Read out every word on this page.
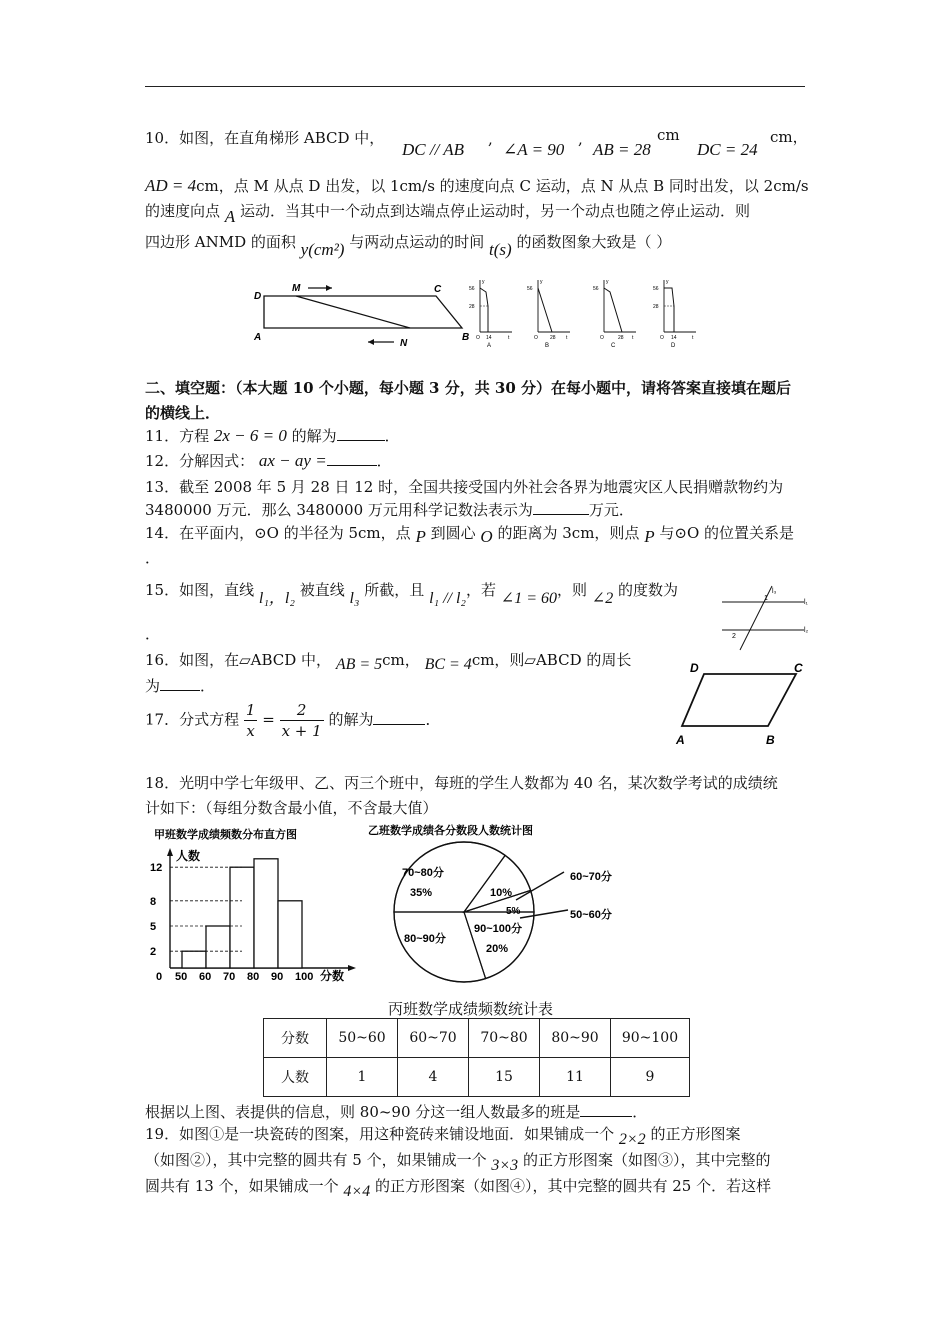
10．如图，在直角梯形 ABCD 中，
DC // AB
,
∠A = 90
,
AB = 28
cm
DC = 24
cm，
AD = 4cm，点 M 从点 D 出发，以 1cm/s 的速度向点 C 运动，点 N 从点 B 同时出发，以 2cm/s
的速度向点 A 运动．当其中一个动点到达端点停止运动时，另一个动点也随之停止运动．则
四边形 ANMD 的面积 y(cm²) 与两动点运动的时间 t(s) 的函数图象大致是（ ）
D
M	C
A
N
B
56
28
14
O
y
t
A
56
28
O
y
t
B
56
28
O
y
t
C
56
28
14
O
y
t
D
二、填空题：（本大题 10 个小题，每小题 3 分，共 30 分）在每小题中，请将答案直接填在题后
的横线上．
11．方程 2x − 6 = 0 的解为	．
12．分解因式： ax − ay =	．
13．截至 2008 年 5 月 28 日 12 时，全国共接受国内外社会各界为地震灾区人民捐赠款物约为
3480000 万元．那么 3480000 万元用科学记数法表示为	万元．
14．在平面内，⊙O 的半径为 5cm，点 P 到圆心 O 的距离为 3cm，则点 P 与⊙O 的位置关系是
．
15．如图，直线 l₁，l₂ 被直线 l₃ 所截，且 l₁ // l₂，若 ∠1 = 60，则 ∠2 的度数为
．
l₃
1
l₁
2
l₂
16．如图，在▱ABCD 中， AB = 5cm， BC = 4cm，则▱ABCD 的周长
为	．
D	C
A	B
17．分式方程 $\frac{1}{x} = \frac{2}{x + 1}$ 的解为	．
18．光明中学七年级甲、乙、丙三个班中，每班的学生人数都为 40 名，某次数学考试的成绩统
计如下：（每组分数含最小值，不含最大值）
甲班数学成绩频数分布直方图
人数
分数
0
2
5
8
12
50 60 70 80 90 100
乙班数学成绩各分数段人数统计图
70~80分
35%
60~70分
10%
50~60分
5%
90~100分
20%
80~90分
丙班数学成绩频数统计表
分数	50~60	60~70	70~80	80~90	90~100
人数	1	4	15	11	9
根据以上图、表提供的信息，则 80~90 分这一组人数最多的班是	．
19．如图①是一块瓷砖的图案，用这种瓷砖来铺设地面．如果铺成一个 2×2 的正方形图案
（如图②），其中完整的圆共有 5 个，如果铺成一个 3×3 的正方形图案（如图③），其中完整的
圆共有 13 个，如果铺成一个 4×4 的正方形图案（如图④），其中完整的圆共有 25 个．若这样
